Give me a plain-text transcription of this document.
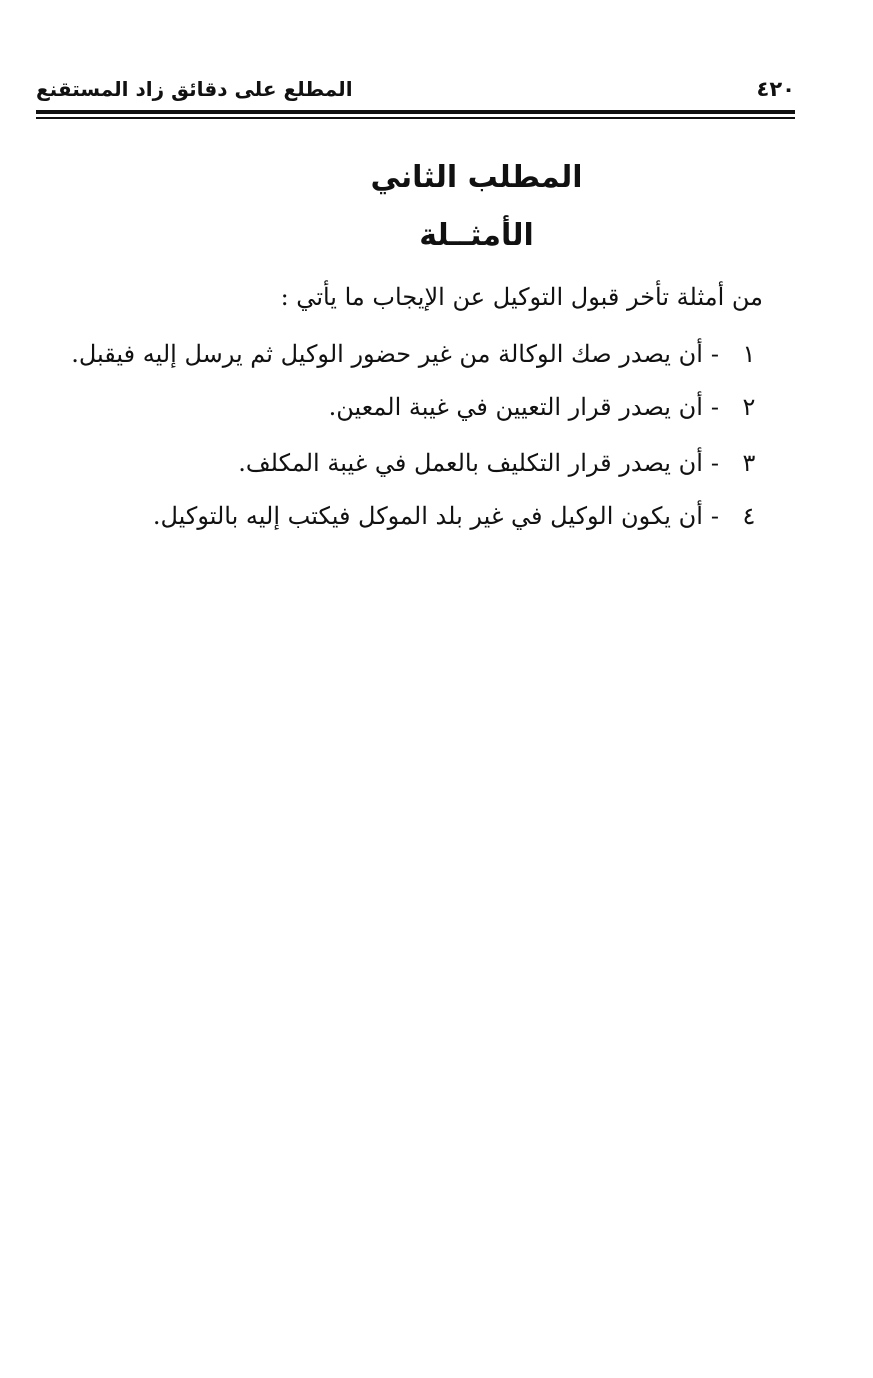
٤٢٠
المطلع على دقائق زاد المستقنع
المطلب الثاني
الأمثــلة
من أمثلة تأخر قبول التوكيل عن الإيجاب ما يأتي :
١
-
أن يصدر صك الوكالة من غير حضور الوكيل ثم يرسل إليه فيقبل.
٢
-
أن يصدر قرار التعيين في غيبة المعين.
٣
-
أن يصدر قرار التكليف بالعمل في غيبة المكلف.
٤
-
أن يكون الوكيل في غير بلد الموكل فيكتب إليه بالتوكيل.
